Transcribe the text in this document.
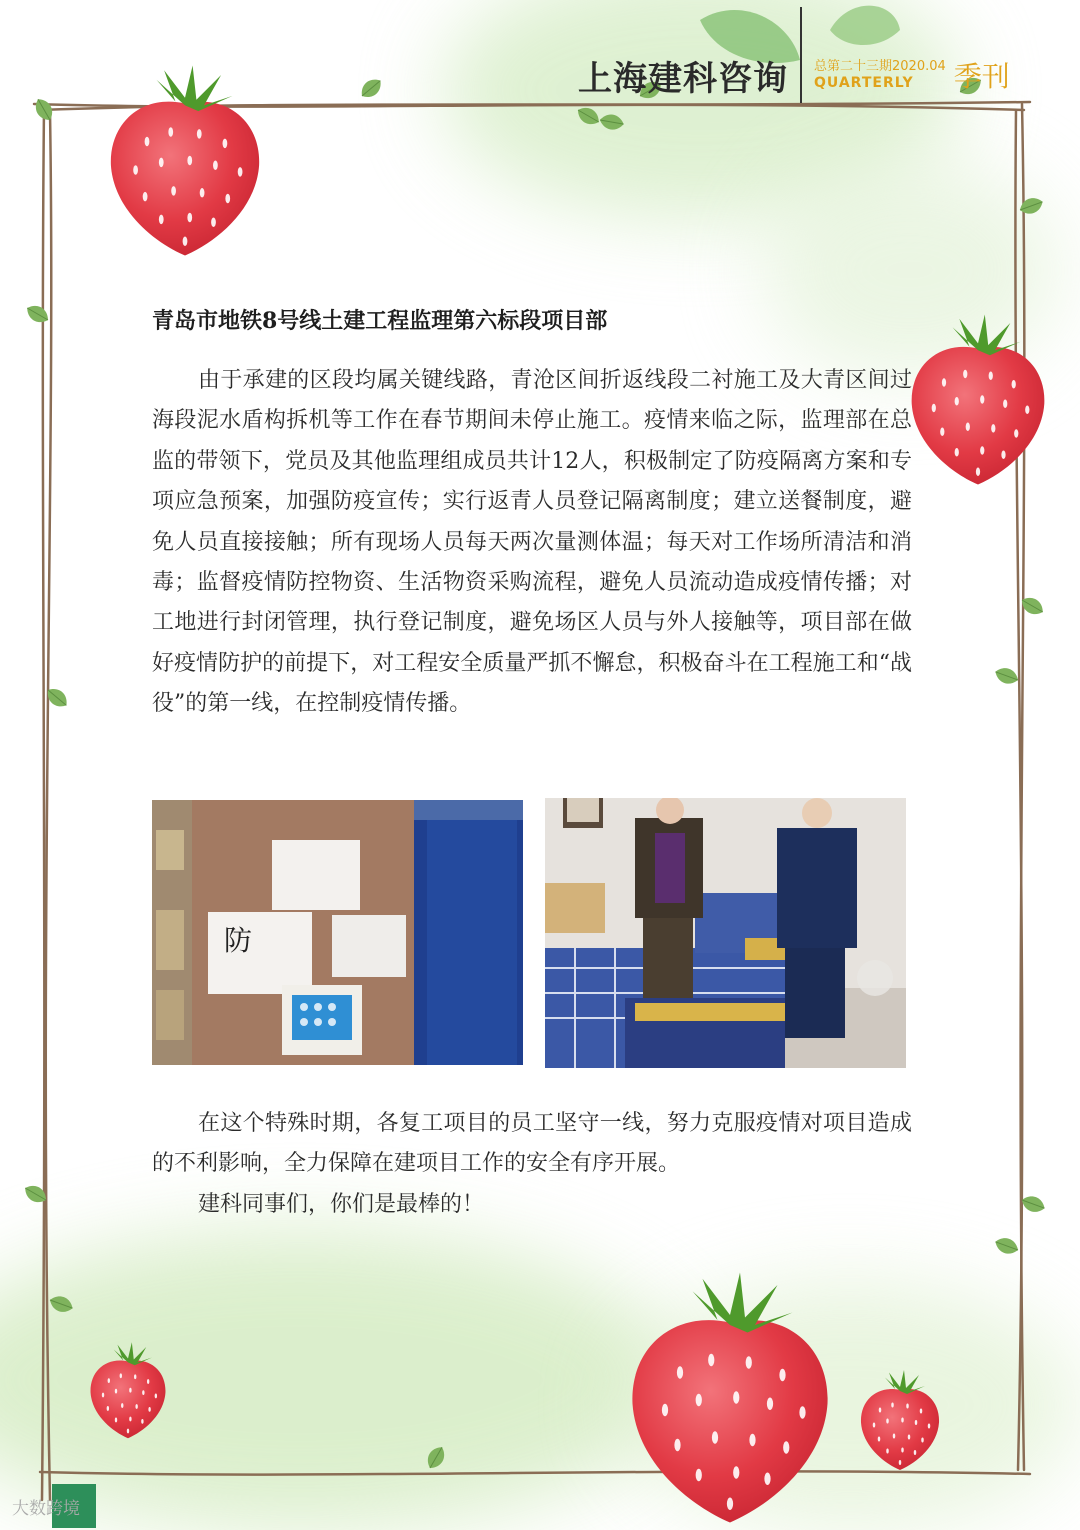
上海建科咨询 总第二十三期2020.04
QUARTERLY	季刊
青岛市地铁8号线土建工程监理第六标段项目部
由于承建的区段均属关键线路，青沧区间折返线段二衬施工及大青区间过海段泥水盾构拆机等工作在春节期间未停止施工。疫情来临之际，监理部在总监的带领下，党员及其他监理组成员共计12人，积极制定了防疫隔离方案和专项应急预案，加强防疫宣传；实行返青人员登记隔离制度；建立送餐制度，避免人员直接接触；所有现场人员每天两次量测体温；每天对工作场所清洁和消毒；监督疫情防控物资、生活物资采购流程，避免人员流动造成疫情传播；对工地进行封闭管理，执行登记制度，避免场区人员与外人接触等，项目部在做好疫情防护的前提下，对工程安全质量严抓不懈怠，积极奋斗在工程施工和“战役”的第一线，在控制疫情传播。
防
在这个特殊时期，各复工项目的员工坚守一线，努力克服疫情对项目造成的不利影响，全力保障在建项目工作的安全有序开展。
建科同事们，你们是最棒的！
大数跨境
